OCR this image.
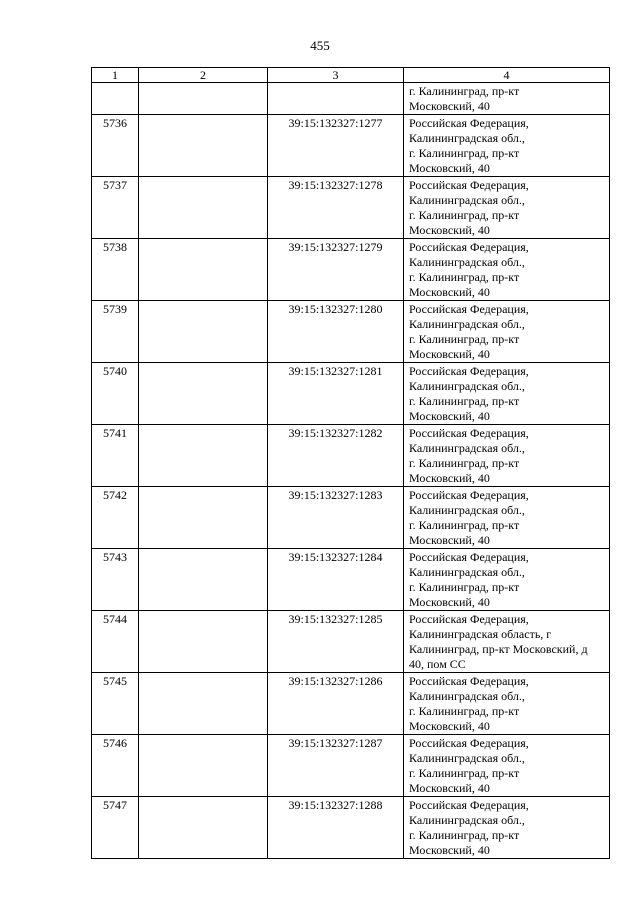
455
1	2	3	4

			г. Калининград, пр-кт
Московский, 40

5736		39:15:132327:1277	Российская Федерация,
Калининградская обл.,
г. Калининград, пр-кт
Московский, 40

5737		39:15:132327:1278	Российская Федерация,
Калининградская обл.,
г. Калининград, пр-кт
Московский, 40

5738		39:15:132327:1279	Российская Федерация,
Калининградская обл.,
г. Калининград, пр-кт
Московский, 40

5739		39:15:132327:1280	Российская Федерация,
Калининградская обл.,
г. Калининград, пр-кт
Московский, 40

5740		39:15:132327:1281	Российская Федерация,
Калининградская обл.,
г. Калининград, пр-кт
Московский, 40

5741		39:15:132327:1282	Российская Федерация,
Калининградская обл.,
г. Калининград, пр-кт
Московский, 40

5742		39:15:132327:1283	Российская Федерация,
Калининградская обл.,
г. Калининград, пр-кт
Московский, 40

5743		39:15:132327:1284	Российская Федерация,
Калининградская обл.,
г. Калининград, пр-кт
Московский, 40

5744		39:15:132327:1285	Российская Федерация,
Калининградская область, г
Калининград, пр-кт Московский, д
40, пом СС

5745		39:15:132327:1286	Российская Федерация,
Калининградская обл.,
г. Калининград, пр-кт
Московский, 40

5746		39:15:132327:1287	Российская Федерация,
Калининградская обл.,
г. Калининград, пр-кт
Московский, 40

5747		39:15:132327:1288	Российская Федерация,
Калининградская обл.,
г. Калининград, пр-кт
Московский, 40
